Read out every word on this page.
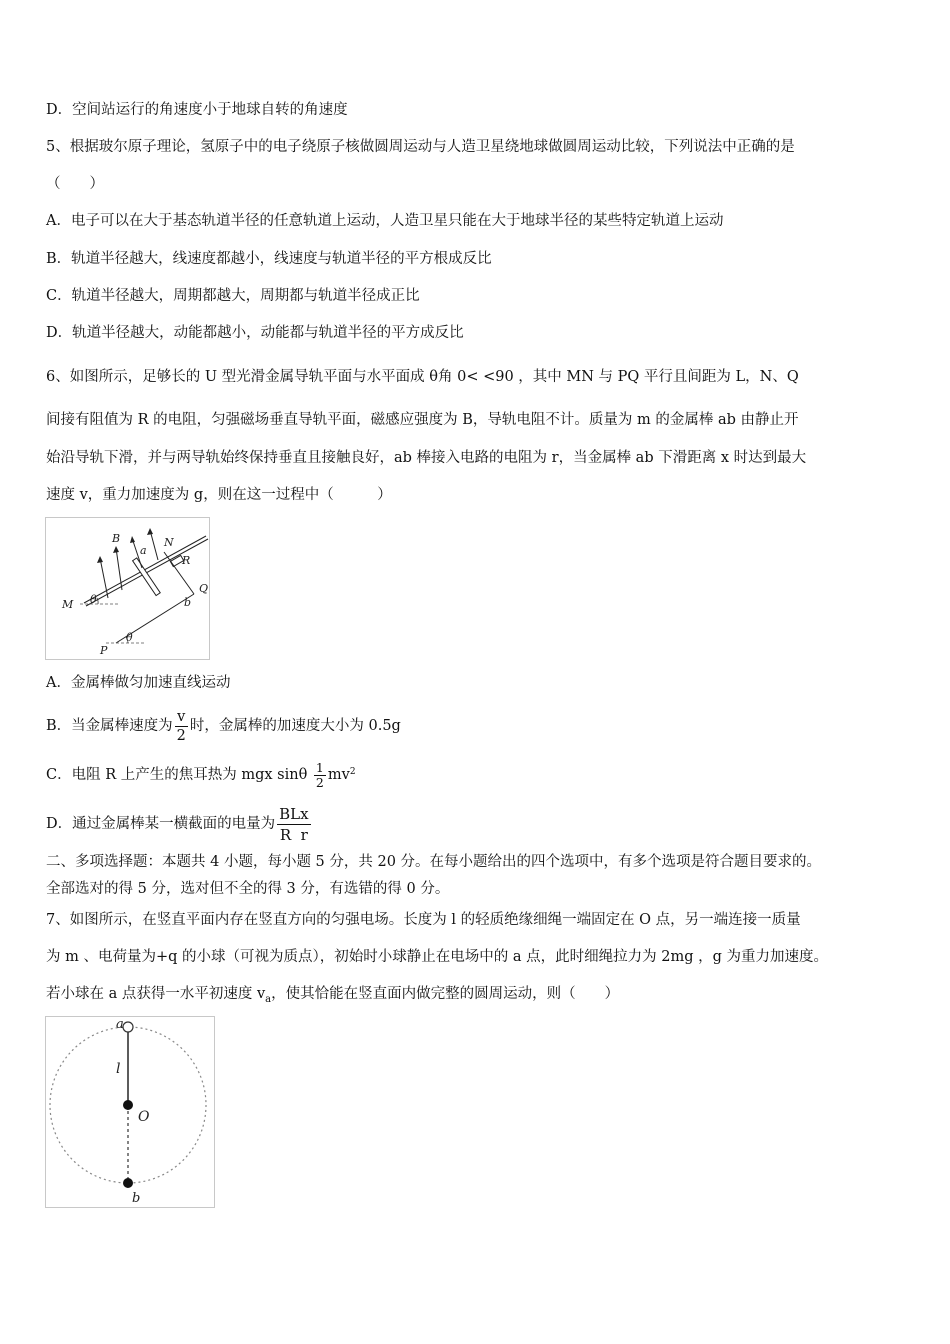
D．空间站运行的角速度小于地球自转的角速度
5、根据玻尔原子理论，氢原子中的电子绕原子核做圆周运动与人造卫星绕地球做圆周运动比较，下列说法中正确的是
（　　）
A．电子可以在大于基态轨道半径的任意轨道上运动，人造卫星只能在大于地球半径的某些特定轨道上运动
B．轨道半径越大，线速度都越小，线速度与轨道半径的平方根成反比
C．轨道半径越大，周期都越大，周期都与轨道半径成正比
D．轨道半径越大，动能都越小，动能都与轨道半径的平方成反比
6、如图所示，足够长的 U 型光滑金属导轨平面与水平面成 θ角 0< <90 ，其中 MN 与 PQ 平行且间距为 L，N、Q
间接有阻值为 R 的电阻，匀强磁场垂直导轨平面，磁感应强度为 B，导轨电阻不计。质量为 m 的金属棒 ab 由静止开
始沿导轨下滑，并与两导轨始终保持垂直且接触良好，ab 棒接入电路的电阻为 r，当金属棒 ab 下滑距离 x 时达到最大
速度 v，重力加速度为 g，则在这一过程中（　　　）
B
a
N
R
Q
M θ	b
θ
P
A．金属棒做匀加速直线运动
B．当金属棒速度为 $\frac{v}{2}$ 时，金属棒的加速度大小为 0.5g
C．电阻 R 上产生的焦耳热为 mgx sinθ $\frac{1}{2} mv^2$
D．通过金属棒某一横截面的电量为 $\frac{\text{BLx}}{\text{R  r}}$
二、多项选择题：本题共 4 小题，每小题 5 分，共 20 分。在每小题给出的四个选项中，有多个选项是符合题目要求的。
全部选对的得 5 分，选对但不全的得 3 分，有选错的得 0 分。
7、如图所示，在竖直平面内存在竖直方向的匀强电场。长度为 l 的轻质绝缘细绳一端固定在 O 点，另一端连接一质量
为 m 、电荷量为+q 的小球（可视为质点），初始时小球静止在电场中的 a 点，此时细绳拉力为 2mg ，g 为重力加速度。
若小球在 a 点获得一水平初速度 $v_a$，使其恰能在竖直面内做完整的圆周运动，则（　　）
a
l
O
b
